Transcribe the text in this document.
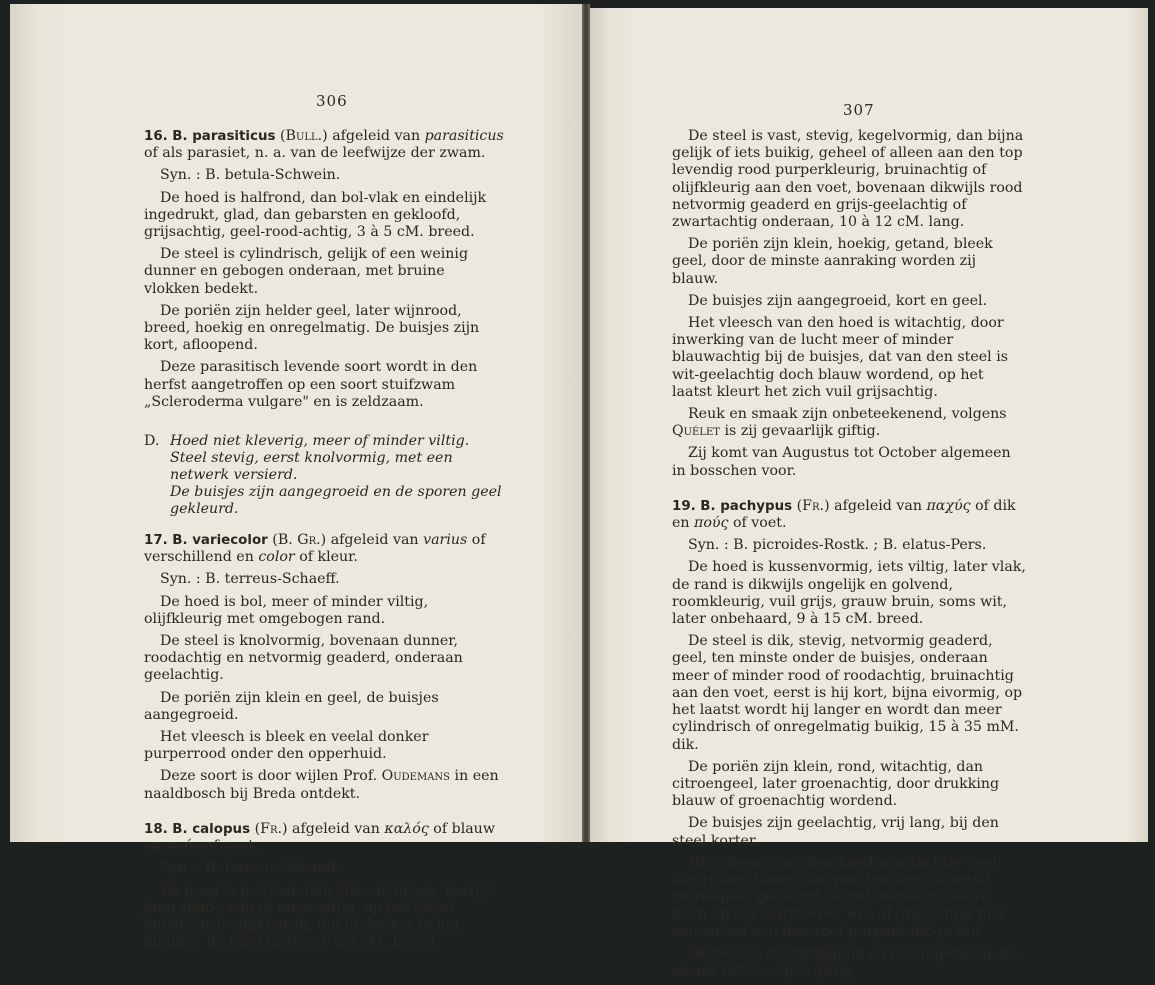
306

16. B. parasiticus (Bull.) afgeleid van parasiticus of als parasiet, n. a. van de leefwijze der zwam.

Syn. : B. betula-Schwein.

De hoed is halfrond, dan bol-vlak en eindelijk ingedrukt, glad, dan gebarsten en gekloofd, grijsachtig, geel-rood-achtig, 3 à 5 cM. breed.

De steel is cylindrisch, gelijk of een weinig dunner en gebogen onderaan, met bruine vlokken bedekt.

De poriën zijn helder geel, later wijnrood, breed, hoekig en onregelmatig. De buisjes zijn kort, afloopend.

Deze parasitisch levende soort wordt in den herfst aangetroffen op een soort stuifzwam „Scleroderma vulgare" en is zeldzaam.

D. Hoed niet kleverig, meer of minder viltig.
Steel stevig, eerst knolvormig, met een netwerk versierd.
De buisjes zijn aangegroeid en de sporen geel gekleurd.

17. B. variecolor (B. Gr.) afgeleid van varius of verschillend en color of kleur.

Syn. : B. terreus-Schaeff.

De hoed is bol, meer of minder viltig, olijfkleurig met omgebogen rand.

De steel is knolvormig, bovenaan dunner, roodachtig en netvormig geaderd, onderaan geelachtig.

De poriën zijn klein en geel, de buisjes aangegroeid.

Het vleesch is bleek en veelal donker purperrood onder den opperhuid.

Deze soort is door wijlen Prof. Oudemans in een naaldbosch bij Breda ontdekt.

18. B. calopus (Fr.) afgeleid van καλός of blauw en πούς of voet.

Syn. : B. terreus-Schaeff.

De hoed is bolrond, dan kussenvormig, berijpt, jong zijnde min of meer viltig, op het laatst onbehaard, olijfkleurig, dof of donker in het midden, de rand lichter, 6 à 9 cM. breed.

307

De steel is vast, stevig, kegelvormig, dan bijna gelijk of iets buikig, geheel of alleen aan den top levendig rood purperkleurig, bruinachtig of olijfkleurig aan den voet, bovenaan dikwijls rood netvormig geaderd en grijs-geelachtig of zwartachtig onderaan, 10 à 12 cM. lang.

De poriën zijn klein, hoekig, getand, bleek geel, door de minste aanraking worden zij blauw.

De buisjes zijn aangegroeid, kort en geel.

Het vleesch van den hoed is witachtig, door inwerking van de lucht meer of minder blauwachtig bij de buisjes, dat van den steel is wit-geelachtig doch blauw wordend, op het laatst kleurt het zich vuil grijsachtig.

Reuk en smaak zijn onbeteekenend, volgens Quélet is zij gevaarlijk giftig.

Zij komt van Augustus tot October algemeen in bosschen voor.

19. B. pachypus (Fr.) afgeleid van παχύς of dik en πούς of voet.

Syn. : B. picroides-Rostk. ; B. elatus-Pers.

De hoed is kussenvormig, iets viltig, later vlak, de rand is dikwijls ongelijk en golvend, roomkleurig, vuil grijs, grauw bruin, soms wit, later onbehaard, 9 à 15 cM. breed.

De steel is dik, stevig, netvormig geaderd, geel, ten minste onder de buisjes, onderaan meer of minder rood of roodachtig, bruinachtig aan den voet, eerst is hij kort, bijna eivormig, op het laatst wordt hij langer en wordt dan meer cylindrisch of onregelmatig buikig, 15 à 35 mM. dik.

De poriën zijn klein, rond, witachtig, dan citroengeel, later groenachtig, door drukking blauw of groenachtig wordend.

De buisjes zijn geelachtig, vrij lang, bij den steel korter.

Het vleesch van den hoed is witachtig-geel, kleurt snel blauw, dat van den steel is veelal zwavelgeel gekleurd, wordt eveneens blauw, doch op het laatst weer wit- of grijsachtig met een vooral aan den voet purperachtige tint.

De reuk is doordringend en onaangenaam, de smaak bitter ; zij is giftig.
